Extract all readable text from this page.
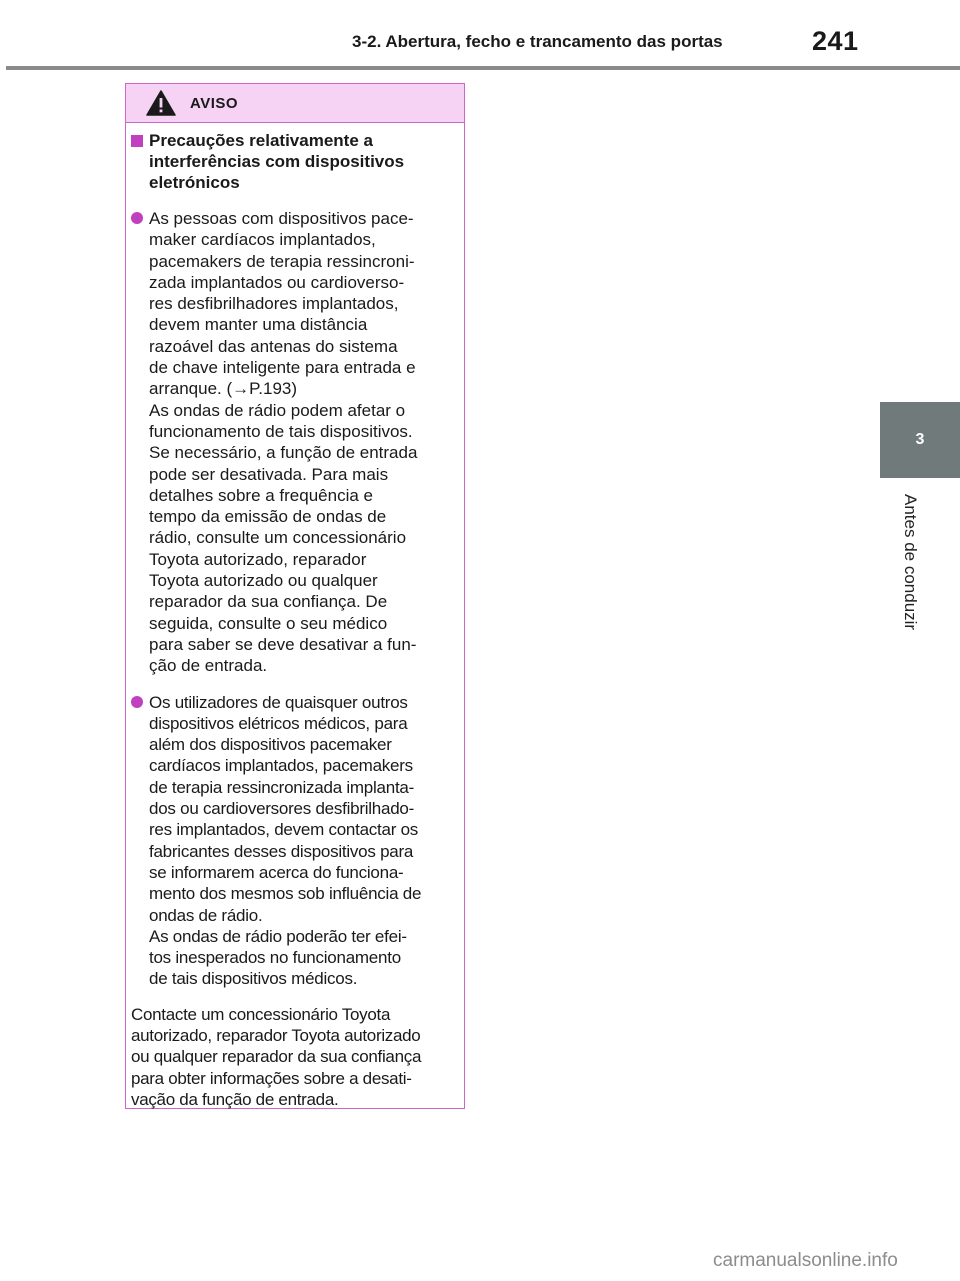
3-2. Abertura, fecho e trancamento das portas	241
3
Antes de conduzir
AVISO
Precauções relativamente a
interferências com dispositivos
eletrónicos
As pessoas com dispositivos pace-
maker cardíacos implantados,
pacemakers de terapia ressincroni-
zada implantados ou cardioverso-
res desfibrilhadores implantados,
devem manter uma distância
razoável das antenas do sistema
de chave inteligente para entrada e
arranque. (→P.193)
As ondas de rádio podem afetar o
funcionamento de tais dispositivos.
Se necessário, a função de entrada
pode ser desativada. Para mais
detalhes sobre a frequência e
tempo da emissão de ondas de
rádio, consulte um concessionário
Toyota autorizado, reparador
Toyota autorizado ou qualquer
reparador da sua confiança. De
seguida, consulte o seu médico
para saber se deve desativar a fun-
ção de entrada.
Os utilizadores de quaisquer outros
dispositivos elétricos médicos, para
além dos dispositivos pacemaker
cardíacos implantados, pacemakers
de terapia ressincronizada implanta-
dos ou cardioversores desfibrilhado-
res implantados, devem contactar os
fabricantes desses dispositivos para
se informarem acerca do funciona-
mento dos mesmos sob influência de
ondas de rádio.
As ondas de rádio poderão ter efei-
tos inesperados no funcionamento
de tais dispositivos médicos.
Contacte um concessionário Toyota
autorizado, reparador Toyota autorizado
ou qualquer reparador da sua confiança
para obter informações sobre a desati-
vação da função de entrada.
carmanualsonline.info
